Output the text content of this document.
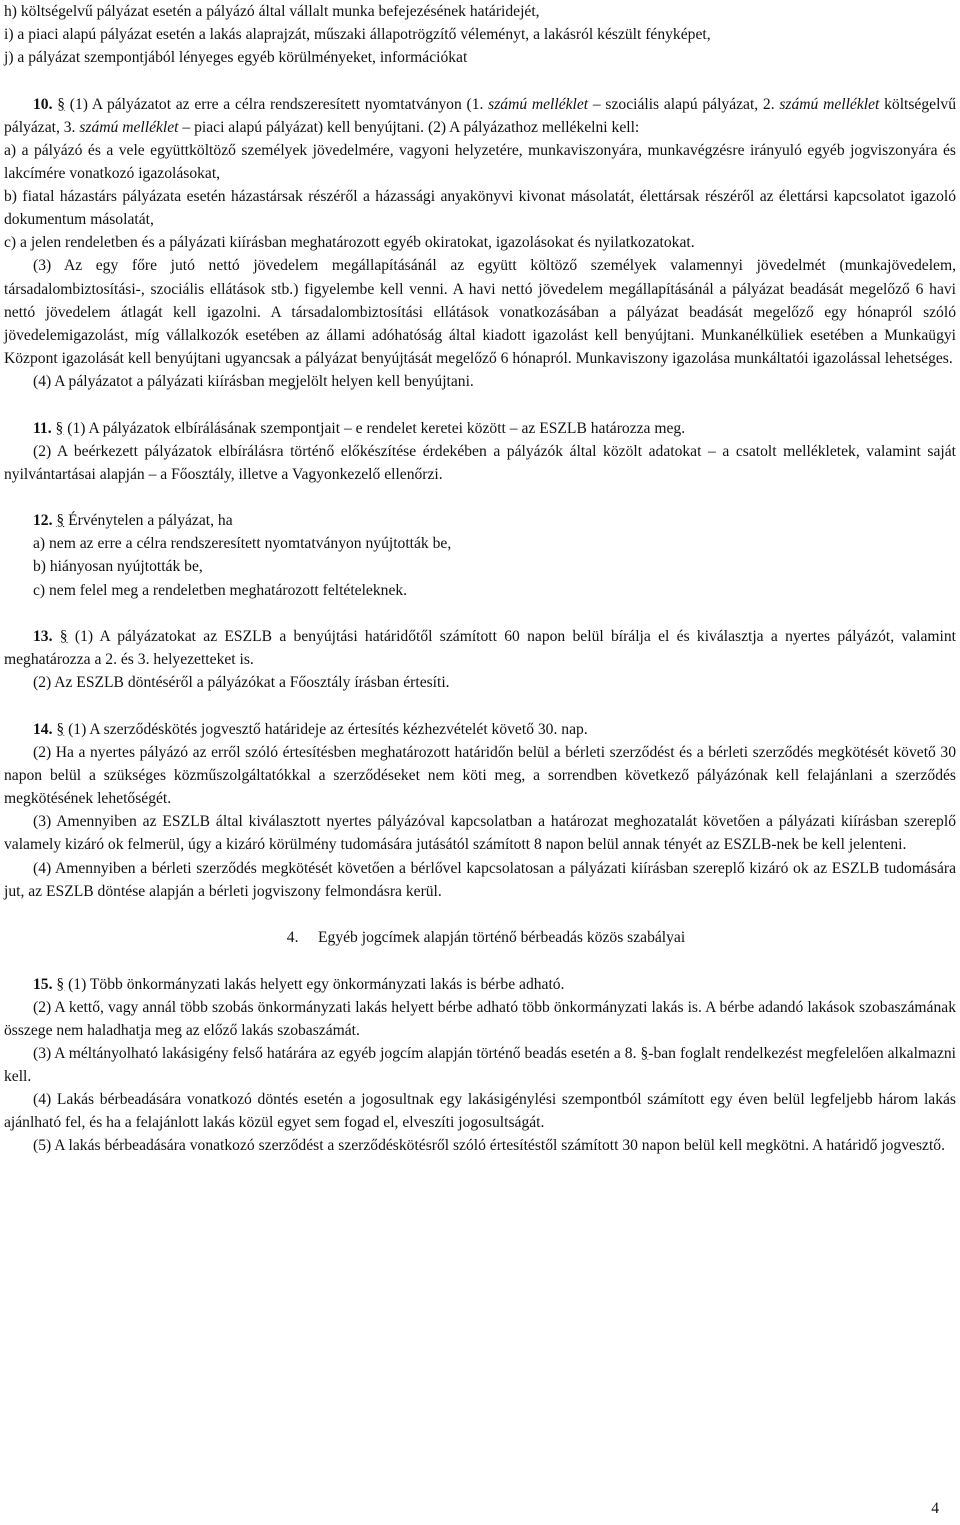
h) költségelvű pályázat esetén a pályázó által vállalt munka befejezésének határidejét,

i) a piaci alapú pályázat esetén a lakás alaprajzát, műszaki állapotrögzítő véleményt, a lakásról készült fényképet,

j) a pályázat szempontjából lényeges egyéb körülményeket, információkat

10. § (1) A pályázatot az erre a célra rendszeresített nyomtatványon (1. számú melléklet – szociális alapú pályázat, 2. számú melléklet költségelvű pályázat, 3. számú melléklet – piaci alapú pályázat) kell benyújtani. (2) A pályázathoz mellékelni kell:

a) a pályázó és a vele együttköltöző személyek jövedelmére, vagyoni helyzetére, munkaviszonyára, munkavégzésre irányuló egyéb jogviszonyára és lakcímére vonatkozó igazolásokat,

b) fiatal házastárs pályázata esetén házastársak részéről a házassági anyakönyvi kivonat másolatát, élettársak részéről az élettársi kapcsolatot igazoló dokumentum másolatát,

c) a jelen rendeletben és a pályázati kiírásban meghatározott egyéb okiratokat, igazolásokat és nyilatkozatokat.

(3) Az egy főre jutó nettó jövedelem megállapításánál az együtt költöző személyek valamennyi jövedelmét (munkajövedelem, társadalombiztosítási-, szociális ellátások stb.) figyelembe kell venni. A havi nettó jövedelem megállapításánál a pályázat beadását megelőző 6 havi nettó jövedelem átlagát kell igazolni. A társadalombiztosítási ellátások vonatkozásában a pályázat beadását megelőző egy hónapról szóló jövedelemigazolást, míg vállalkozók esetében az állami adóhatóság által kiadott igazolást kell benyújtani. Munkanélküliek esetében a Munkaügyi Központ igazolását kell benyújtani ugyancsak a pályázat benyújtását megelőző 6 hónapról. Munkaviszony igazolása munkáltatói igazolással lehetséges.

(4) A pályázatot a pályázati kiírásban megjelölt helyen kell benyújtani.

11. § (1) A pályázatok elbírálásának szempontjait – e rendelet keretei között – az ESZLB határozza meg.

(2) A beérkezett pályázatok elbírálásra történő előkészítése érdekében a pályázók által közölt adatokat – a csatolt mellékletek, valamint saját nyilvántartásai alapján – a Főosztály, illetve a Vagyonkezelő ellenőrzi.

12. § Érvénytelen a pályázat, ha

a) nem az erre a célra rendszeresített nyomtatványon nyújtották be,

b) hiányosan nyújtották be,

c) nem felel meg a rendeletben meghatározott feltételeknek.

13. § (1) A pályázatokat az ESZLB a benyújtási határidőtől számított 60 napon belül bírálja el és kiválasztja a nyertes pályázót, valamint meghatározza a 2. és 3. helyezetteket is.

(2) Az ESZLB döntéséről a pályázókat a Főosztály írásban értesíti.

14. § (1) A szerződéskötés jogvesztő határideje az értesítés kézhezvételét követő 30. nap.

(2) Ha a nyertes pályázó az erről szóló értesítésben meghatározott határidőn belül a bérleti szerződést és a bérleti szerződés megkötését követő 30 napon belül a szükséges közműszolgáltatókkal a szerződéseket nem köti meg, a sorrendben következő pályázónak kell felajánlani a szerződés megkötésének lehetőségét.

(3) Amennyiben az ESZLB által kiválasztott nyertes pályázóval kapcsolatban a határozat meghozatalát követően a pályázati kiírásban szereplő valamely kizáró ok felmerül, úgy a kizáró körülmény tudomására jutásától számított 8 napon belül annak tényét az ESZLB-nek be kell jelenteni.

(4) Amennyiben a bérleti szerződés megkötését követően a bérlővel kapcsolatosan a pályázati kiírásban szereplő kizáró ok az ESZLB tudomására jut, az ESZLB döntése alapján a bérleti jogviszony felmondásra kerül.

4. Egyéb jogcímek alapján történő bérbeadás közös szabályai

15. § (1) Több önkormányzati lakás helyett egy önkormányzati lakás is bérbe adható.

(2) A kettő, vagy annál több szobás önkormányzati lakás helyett bérbe adható több önkormányzati lakás is. A bérbe adandó lakások szobaszámának összege nem haladhatja meg az előző lakás szobaszámát.

(3) A méltányolható lakásigény felső határára az egyéb jogcím alapján történő beadás esetén a 8. §-ban foglalt rendelkezést megfelelően alkalmazni kell.

(4) Lakás bérbeadására vonatkozó döntés esetén a jogosultnak egy lakásigénylési szempontból számított egy éven belül legfeljebb három lakás ajánlható fel, és ha a felajánlott lakás közül egyet sem fogad el, elveszíti jogosultságát.

(5) A lakás bérbeadására vonatkozó szerződést a szerződéskötésről szóló értesítéstől számított 30 napon belül kell megkötni. A határidő jogvesztő.

4
